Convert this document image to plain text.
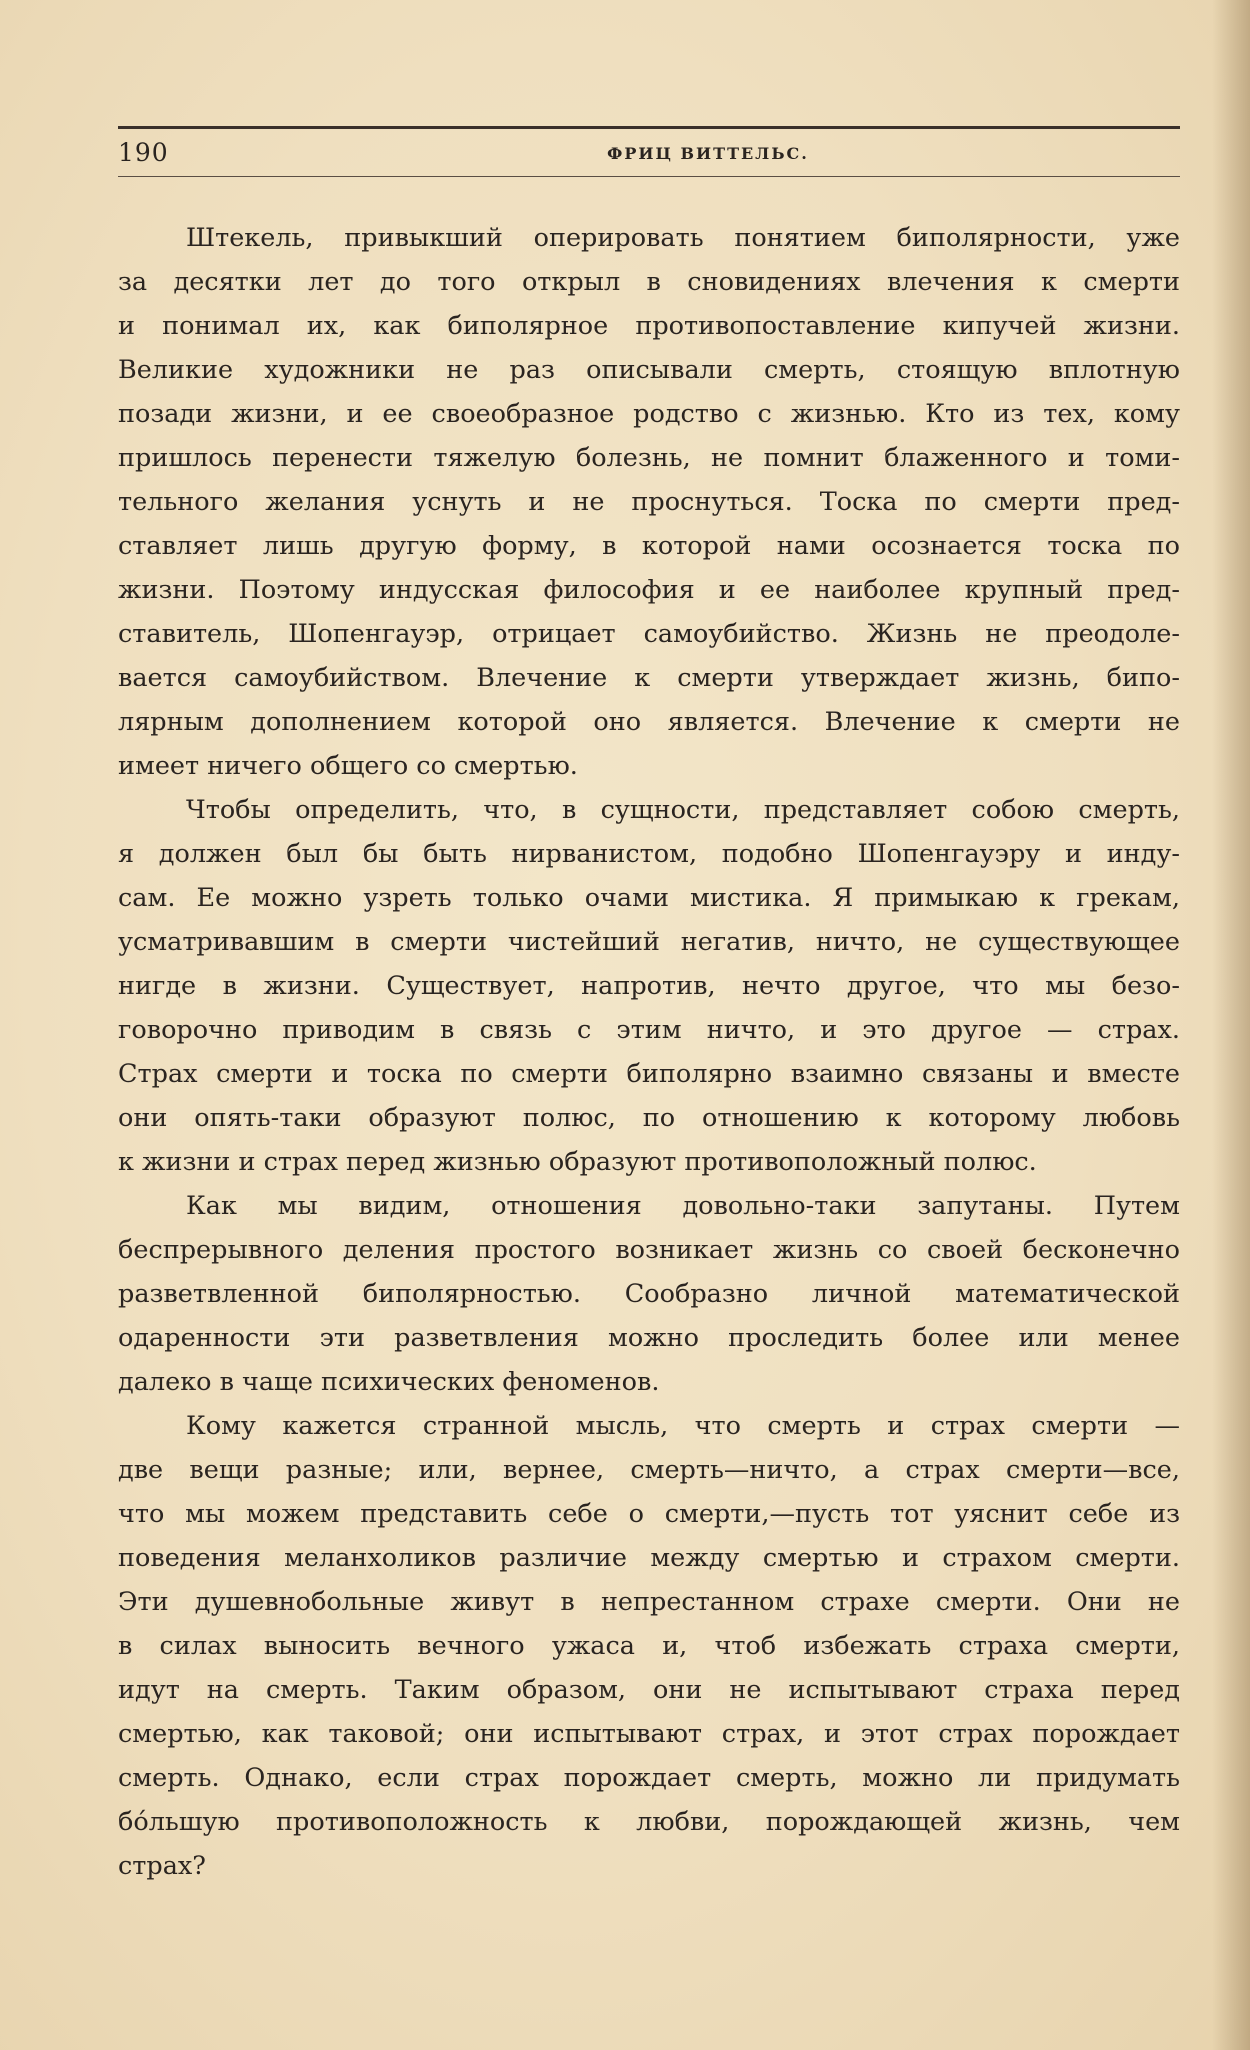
190	ФРИЦ ВИТТЕЛЬС.
Штекель, привыкший оперировать понятием биполярности, уже
за десятки лет до того открыл в сновидениях влечения к смерти
и понимал их, как биполярное противопоставление кипучей жизни.
Великие художники не раз описывали смерть, стоящую вплотную
позади жизни, и ее своеобразное родство с жизнью. Кто из тех, кому
пришлось перенести тяжелую болезнь, не помнит блаженного и томи-
тельного желания уснуть и не проснуться. Тоска по смерти пред-
ставляет лишь другую форму, в которой нами осознается тоска по
жизни. Поэтому индусская философия и ее наиболее крупный пред-
ставитель, Шопенгауэр, отрицает самоубийство. Жизнь не преодоле-
вается самоубийством. Влечение к смерти утверждает жизнь, бипо-
лярным дополнением которой оно является. Влечение к смерти не
имеет ничего общего со смертью.
Чтобы определить, что, в сущности, представляет собою смерть,
я должен был бы быть нирванистом, подобно Шопенгауэру и инду-
сам. Ее можно узреть только очами мистика. Я примыкаю к грекам,
усматривавшим в смерти чистейший негатив, ничто, не существующее
нигде в жизни. Существует, напротив, нечто другое, что мы безо-
говорочно приводим в связь с этим ничто, и это другое — страх.
Страх смерти и тоска по смерти биполярно взаимно связаны и вместе
они опять-таки образуют полюс, по отношению к которому любовь
к жизни и страх перед жизнью образуют противоположный полюс.
Как мы видим, отношения довольно-таки запутаны. Путем
беспрерывного деления простого возникает жизнь со своей бесконечно
разветвленной биполярностью. Сообразно личной математической
одаренности эти разветвления можно проследить более или менее
далеко в чаще психических феноменов.
Кому кажется странной мысль, что смерть и страх смерти —
две вещи разные; или, вернее, смерть—ничто, а страх смерти—все,
что мы можем представить себе о смерти,—пусть тот уяснит себе из
поведения меланхоликов различие между смертью и страхом смерти.
Эти душевнобольные живут в непрестанном страхе смерти. Они не
в силах выносить вечного ужаса и, чтоб избежать страха смерти,
идут на смерть. Таким образом, они не испытывают страха перед
смертью, как таковой; они испытывают страх, и этот страх порождает
смерть. Однако, если страх порождает смерть, можно ли придумать
бо́льшую противоположность к любви, порождающей жизнь, чем
страх?
